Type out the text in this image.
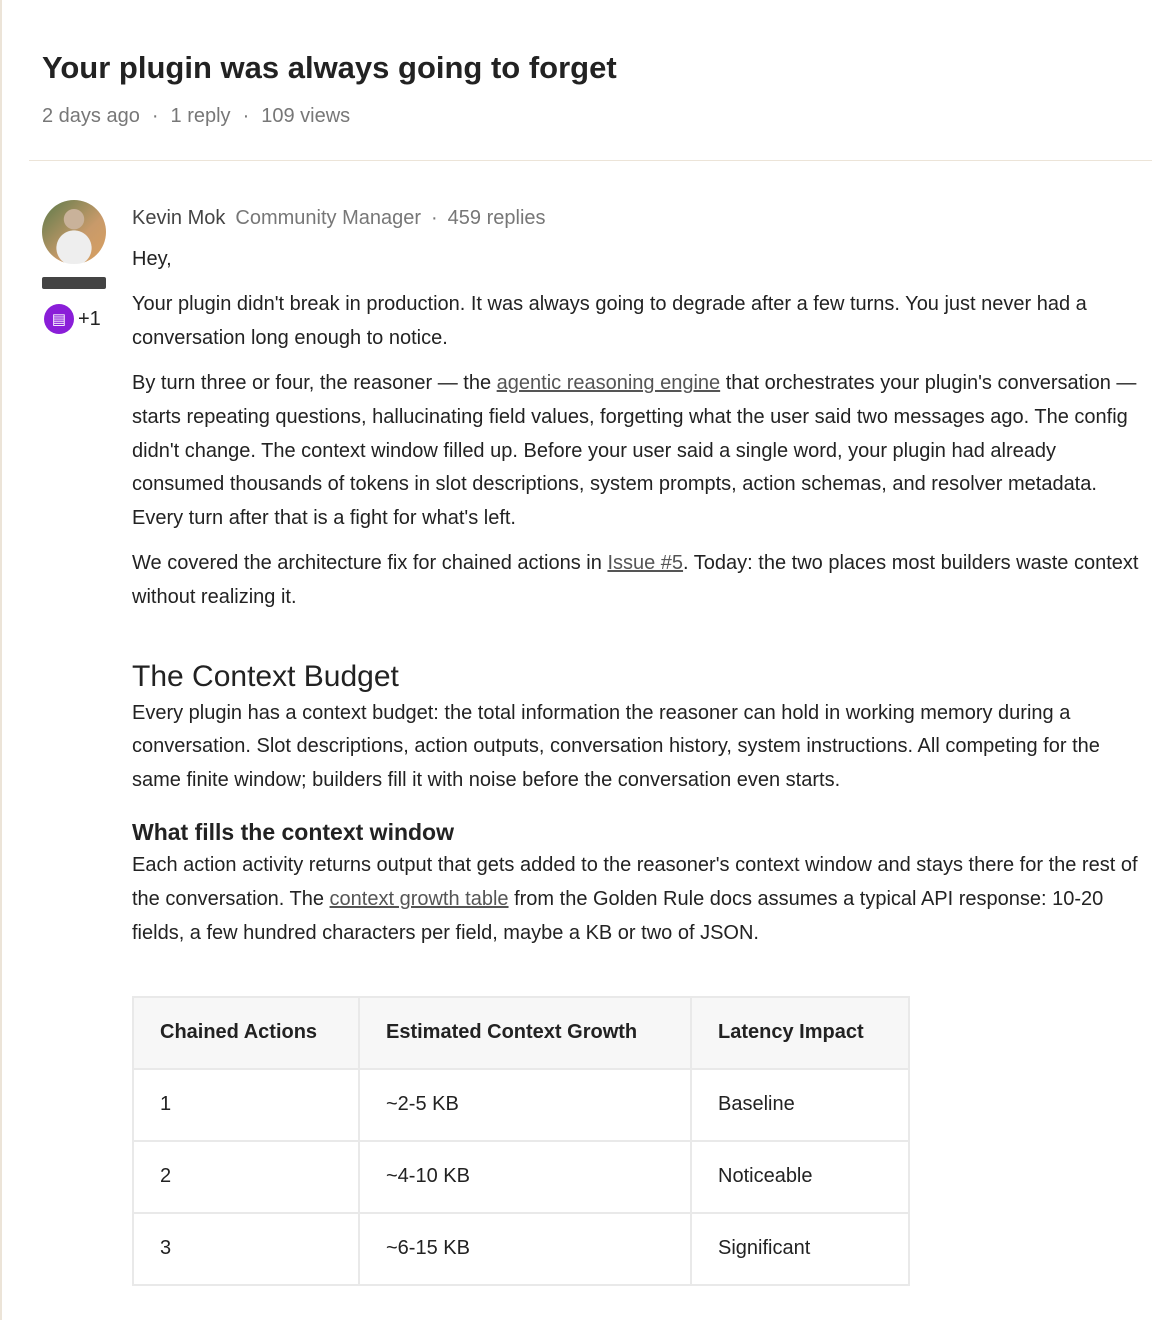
Your plugin was always going to forget
2 days ago · 1 reply · 109 views
▤ +1
Kevin Mok Community Manager · 459 replies

Hey,

Your plugin didn't break in production. It was always going to degrade after a few turns. You just never had a conversation long enough to notice.

By turn three or four, the reasoner — the agentic reasoning engine that orchestrates your plugin's conversation — starts repeating questions, hallucinating field values, forgetting what the user said two messages ago. The config didn't change. The context window filled up. Before your user said a single word, your plugin had already consumed thousands of tokens in slot descriptions, system prompts, action schemas, and resolver metadata. Every turn after that is a fight for what's left.

We covered the architecture fix for chained actions in Issue #5. Today: the two places most builders waste context without realizing it.

The Context Budget

Every plugin has a context budget: the total information the reasoner can hold in working memory during a conversation. Slot descriptions, action outputs, conversation history, system instructions. All competing for the same finite window; builders fill it with noise before the conversation even starts.

What fills the context window

Each action activity returns output that gets added to the reasoner's context window and stays there for the rest of the conversation. The context growth table from the Golden Rule docs assumes a typical API response: 10-20 fields, a few hundred characters per field, maybe a KB or two of JSON.

Chained Actions	Estimated Context Growth	Latency Impact
1	~2-5 KB	Baseline
2	~4-10 KB	Noticeable
3	~6-15 KB	Significant
